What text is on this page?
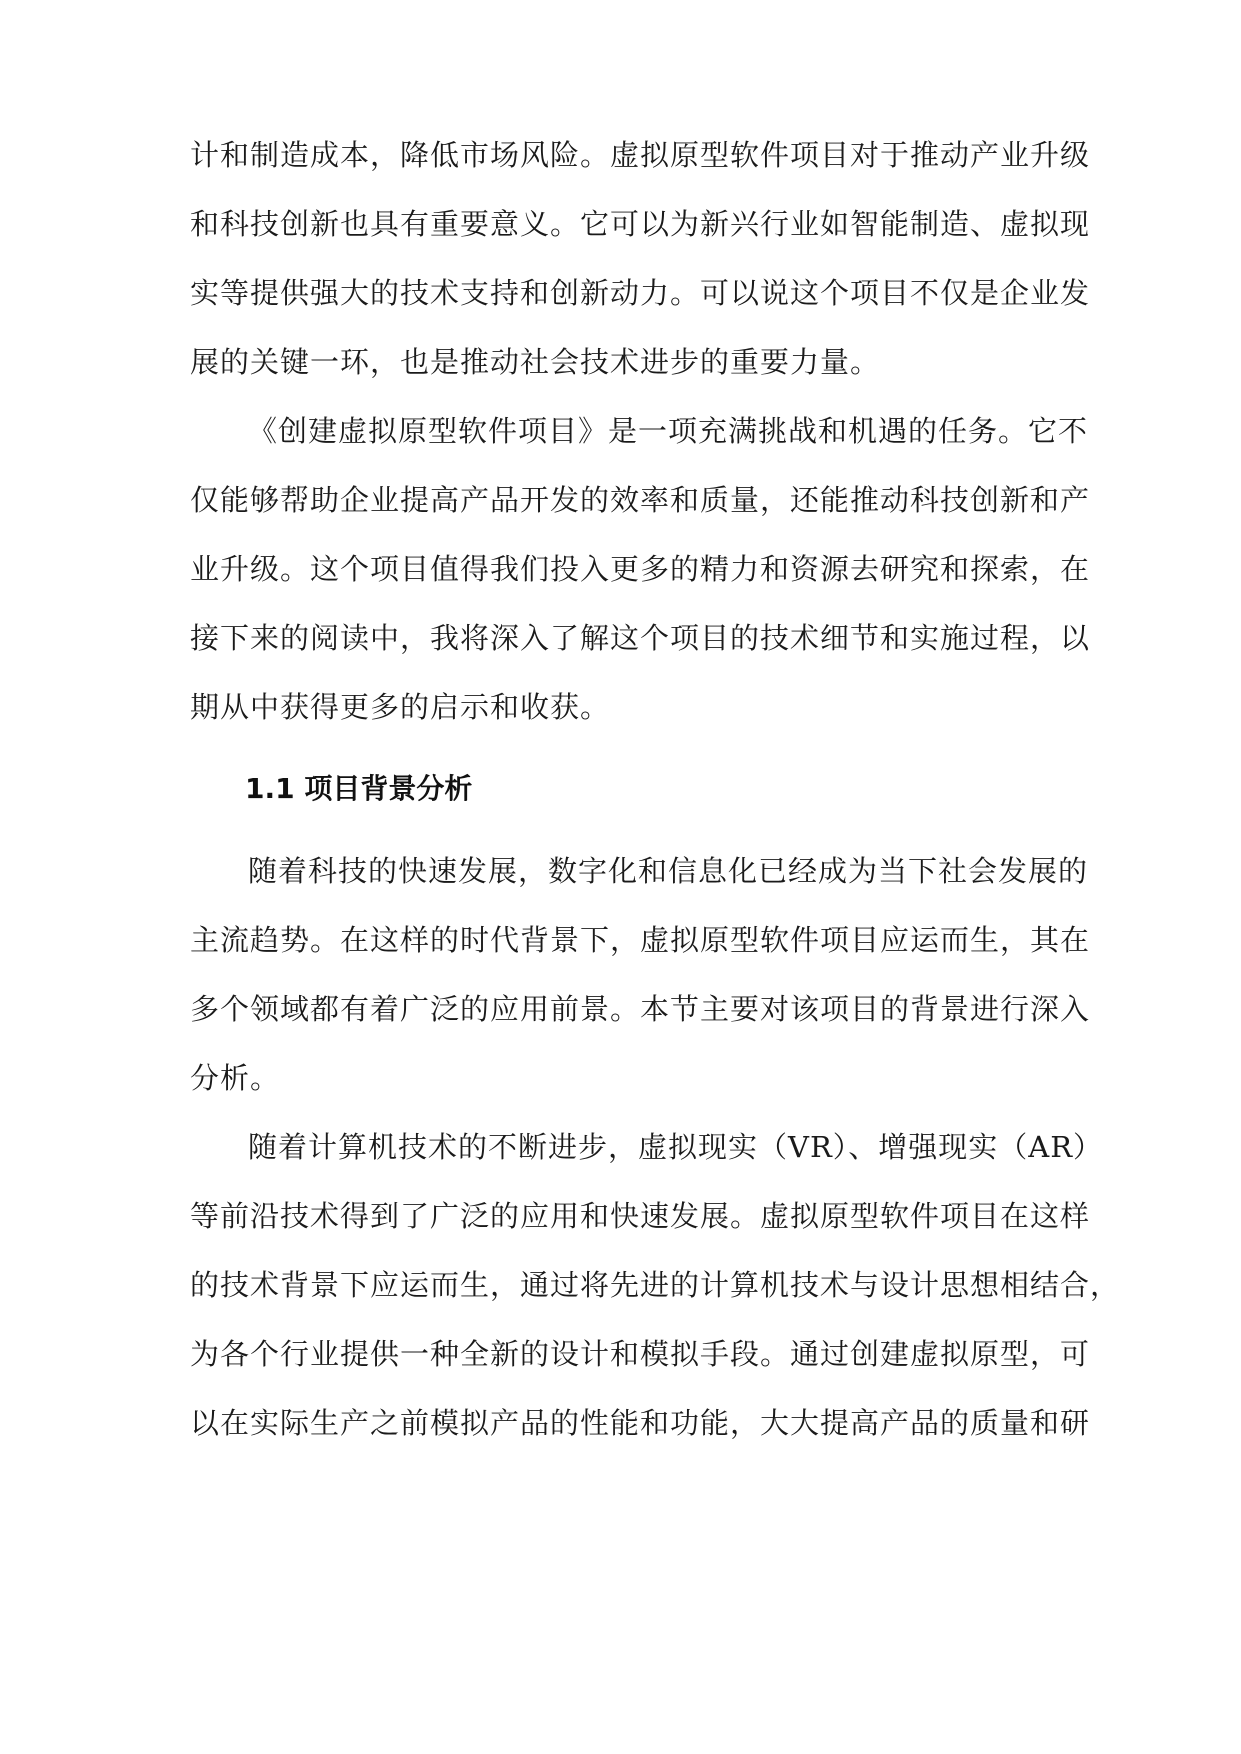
计和制造成本，降低市场风险。虚拟原型软件项目对于推动产业升级
和科技创新也具有重要意义。它可以为新兴行业如智能制造、虚拟现
实等提供强大的技术支持和创新动力。可以说这个项目不仅是企业发
展的关键一环，也是推动社会技术进步的重要力量。
《创建虚拟原型软件项目》是一项充满挑战和机遇的任务。它不
仅能够帮助企业提高产品开发的效率和质量，还能推动科技创新和产
业升级。这个项目值得我们投入更多的精力和资源去研究和探索，在
接下来的阅读中，我将深入了解这个项目的技术细节和实施过程，以
期从中获得更多的启示和收获。
1.1 项目背景分析
随着科技的快速发展，数字化和信息化已经成为当下社会发展的
主流趋势。在这样的时代背景下，虚拟原型软件项目应运而生，其在
多个领域都有着广泛的应用前景。本节主要对该项目的背景进行深入
分析。
随着计算机技术的不断进步，虚拟现实（VR）、增强现实（AR）
等前沿技术得到了广泛的应用和快速发展。虚拟原型软件项目在这样
的技术背景下应运而生，通过将先进的计算机技术与设计思想相结合，
为各个行业提供一种全新的设计和模拟手段。通过创建虚拟原型，可
以在实际生产之前模拟产品的性能和功能，大大提高产品的质量和研
